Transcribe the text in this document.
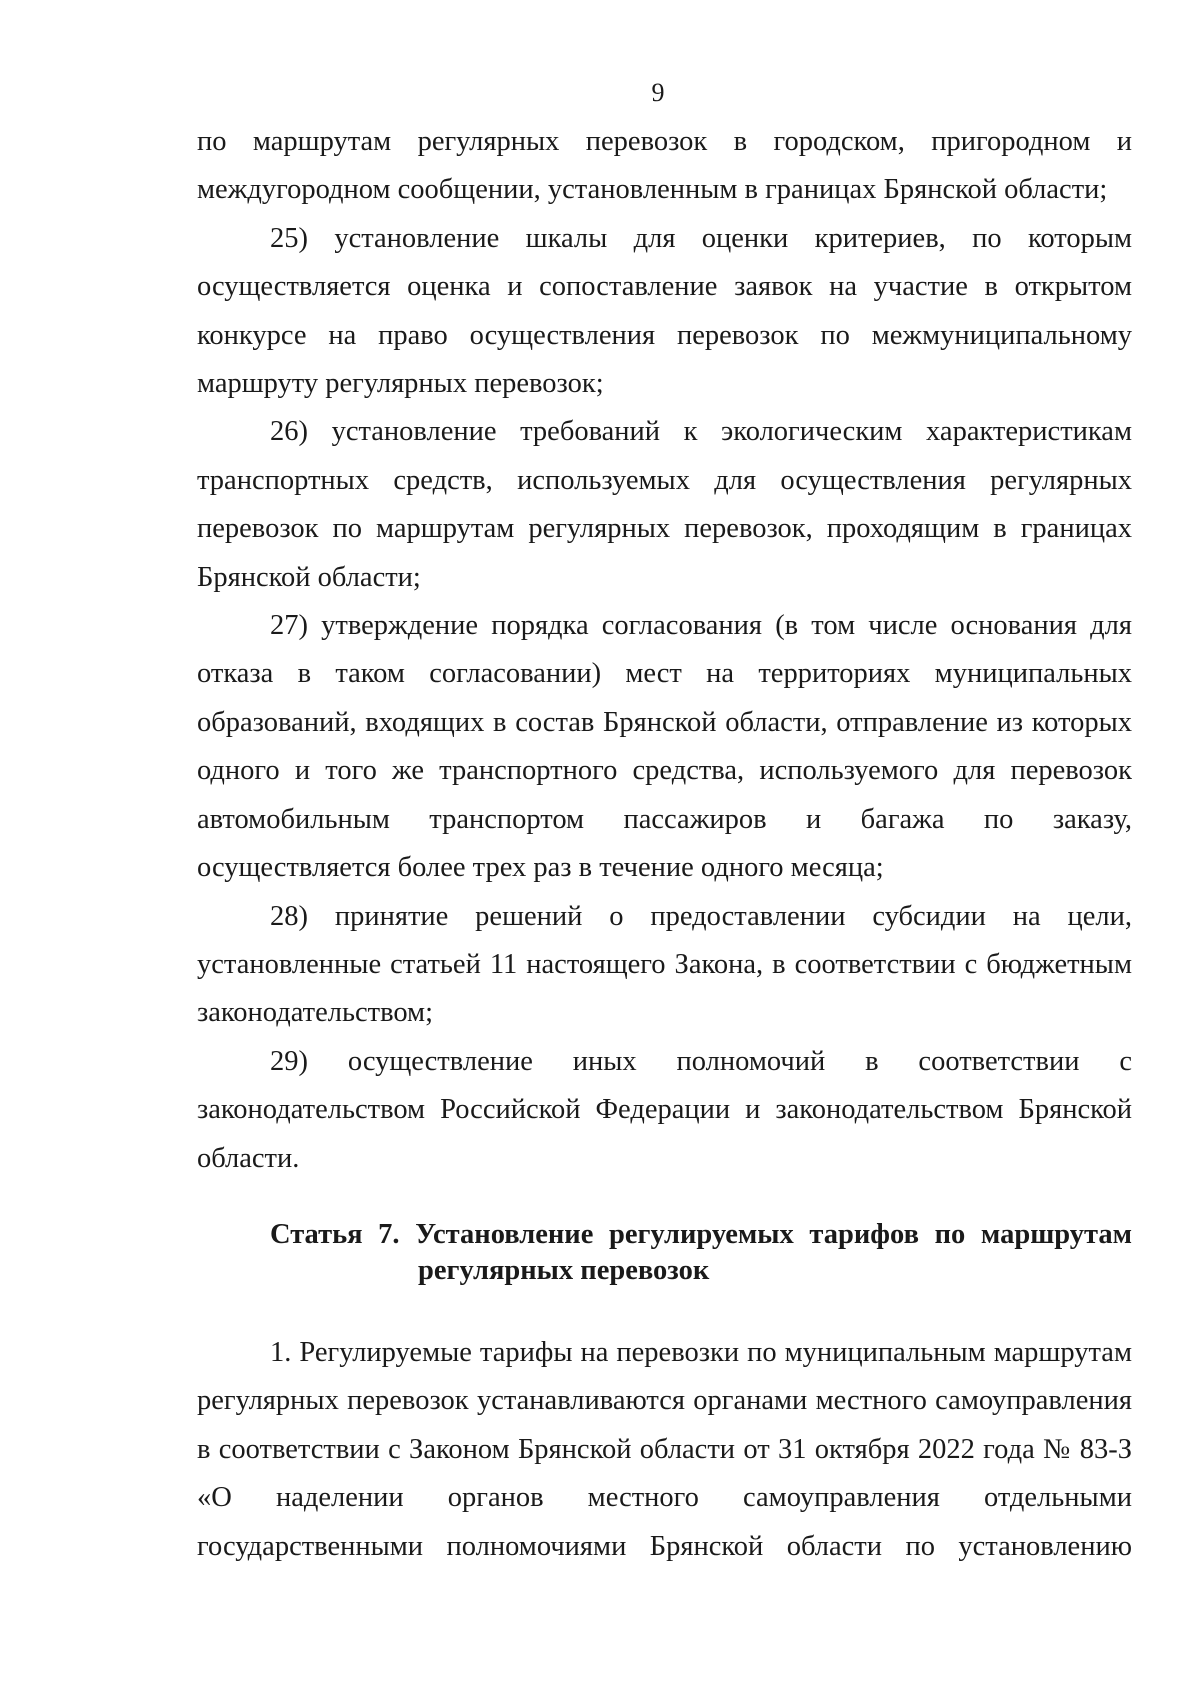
9

по маршрутам регулярных перевозок в городском, пригородном и междугородном сообщении, установленным в границах Брянской области;

25) установление шкалы для оценки критериев, по которым осуществляется оценка и сопоставление заявок на участие в открытом конкурсе на право осуществления перевозок по межмуниципальному маршруту регулярных перевозок;

26) установление требований к экологическим характеристикам транспортных средств, используемых для осуществления регулярных перевозок по маршрутам регулярных перевозок, проходящим в границах Брянской области;

27) утверждение порядка согласования (в том числе основания для отказа в таком согласовании) мест на территориях муниципальных образований, входящих в состав Брянской области, отправление из которых одного и того же транспортного средства, используемого для перевозок автомобильным транспортом пассажиров и багажа по заказу, осуществляется более трех раз в течение одного месяца;

28) принятие решений о предоставлении субсидии на цели, установленные статьей 11 настоящего Закона, в соответствии с бюджетным законодательством;

29) осуществление иных полномочий в соответствии с законодательством Российской Федерации и законодательством Брянской области.

Статья 7. Установление регулируемых тарифов по маршрутам
регулярных перевозок

1. Регулируемые тарифы на перевозки по муниципальным маршрутам регулярных перевозок устанавливаются органами местного самоуправления в соответствии с Законом Брянской области от 31 октября 2022 года № 83-З «О наделении органов местного самоуправления отдельными государственными полномочиями Брянской области по установлению
